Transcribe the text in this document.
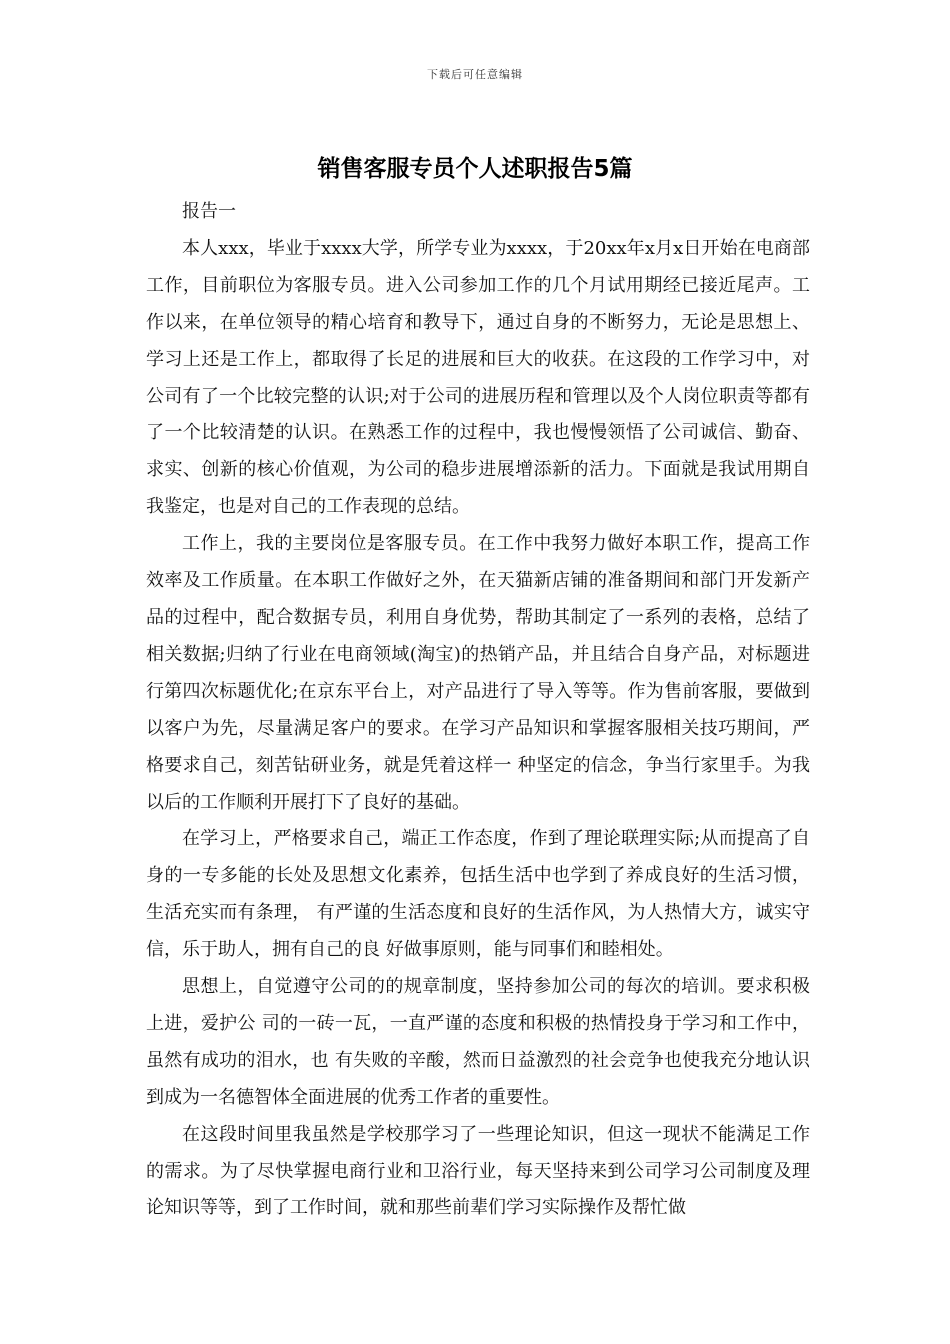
下载后可任意编辑
销售客服专员个人述职报告5篇

报告一

本人xxx，毕业于xxxx大学，所学专业为xxxx，于20xx年x月x日开始在电商部工作，目前职位为客服专员。进入公司参加工作的几个月试用期经已接近尾声。工作以来，在单位领导的精心培育和教导下，通过自身的不断努力，无论是思想上、学习上还是工作上，都取得了长足的进展和巨大的收获。在这段的工作学习中，对公司有了一个比较完整的认识;对于公司的进展历程和管理以及个人岗位职责等都有了一个比较清楚的认识。在熟悉工作的过程中，我也慢慢领悟了公司诚信、勤奋、求实、创新的核心价值观，为公司的稳步进展增添新的活力。下面就是我试用期自我鉴定，也是对自己的工作表现的总结。

工作上，我的主要岗位是客服专员。在工作中我努力做好本职工作，提高工作效率及工作质量。在本职工作做好之外，在天猫新店铺的准备期间和部门开发新产品的过程中，配合数据专员，利用自身优势，帮助其制定了一系列的表格，总结了相关数据;归纳了行业在电商领域(淘宝)的热销产品，并且结合自身产品，对标题进行第四次标题优化;在京东平台上，对产品进行了导入等等。作为售前客服，要做到以客户为先，尽量满足客户的要求。在学习产品知识和掌握客服相关技巧期间，严格要求自己，刻苦钻研业务，就是凭着这样一 种坚定的信念，争当行家里手。为我以后的工作顺利开展打下了良好的基础。

在学习上，严格要求自己，端正工作态度，作到了理论联理实际;从而提高了自身的一专多能的长处及思想文化素养，包括生活中也学到了养成良好的生活习惯，生活充实而有条理， 有严谨的生活态度和良好的生活作风，为人热情大方，诚实守信，乐于助人，拥有自己的良 好做事原则，能与同事们和睦相处。

思想上，自觉遵守公司的的规章制度，坚持参加公司的每次的培训。要求积极上进，爱护公 司的一砖一瓦，一直严谨的态度和积极的热情投身于学习和工作中，虽然有成功的泪水，也 有失败的辛酸，然而日益激烈的社会竞争也使我充分地认识到成为一名德智体全面进展的优秀工作者的重要性。

在这段时间里我虽然是学校那学习了一些理论知识，但这一现状不能满足工作的需求。为了尽快掌握电商行业和卫浴行业，每天坚持来到公司学习公司制度及理论知识等等，到了工作时间，就和那些前辈们学习实际操作及帮忙做
